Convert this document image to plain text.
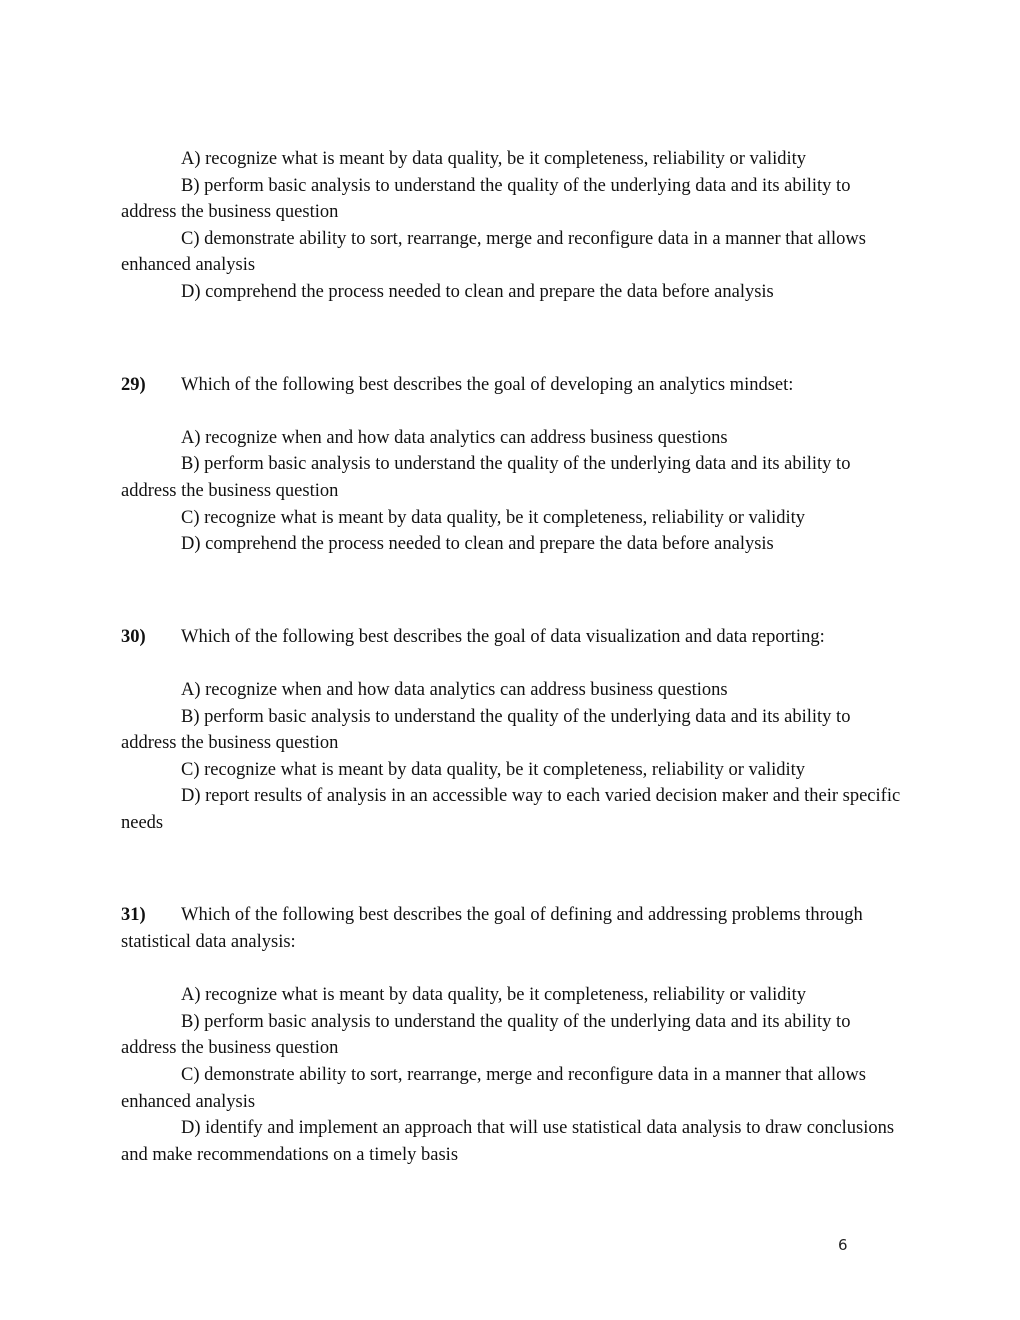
A) recognize what is meant by data quality, be it completeness, reliability or validity

B) perform basic analysis to understand the quality of the underlying data and its ability to address the business question

C) demonstrate ability to sort, rearrange, merge and reconfigure data in a manner that allows enhanced analysis

D) comprehend the process needed to clean and prepare the data before analysis

29) Which of the following best describes the goal of developing an analytics mindset:

A) recognize when and how data analytics can address business questions

B) perform basic analysis to understand the quality of the underlying data and its ability to address the business question

C) recognize what is meant by data quality, be it completeness, reliability or validity

D) comprehend the process needed to clean and prepare the data before analysis

30) Which of the following best describes the goal of data visualization and data reporting:

A) recognize when and how data analytics can address business questions

B) perform basic analysis to understand the quality of the underlying data and its ability to address the business question

C) recognize what is meant by data quality, be it completeness, reliability or validity

D) report results of analysis in an accessible way to each varied decision maker and their specific needs

31) Which of the following best describes the goal of defining and addressing problems through statistical data analysis:

A) recognize what is meant by data quality, be it completeness, reliability or validity

B) perform basic analysis to understand the quality of the underlying data and its ability to address the business question

C) demonstrate ability to sort, rearrange, merge and reconfigure data in a manner that allows enhanced analysis

D) identify and implement an approach that will use statistical data analysis to draw conclusions and make recommendations on a timely basis

6
